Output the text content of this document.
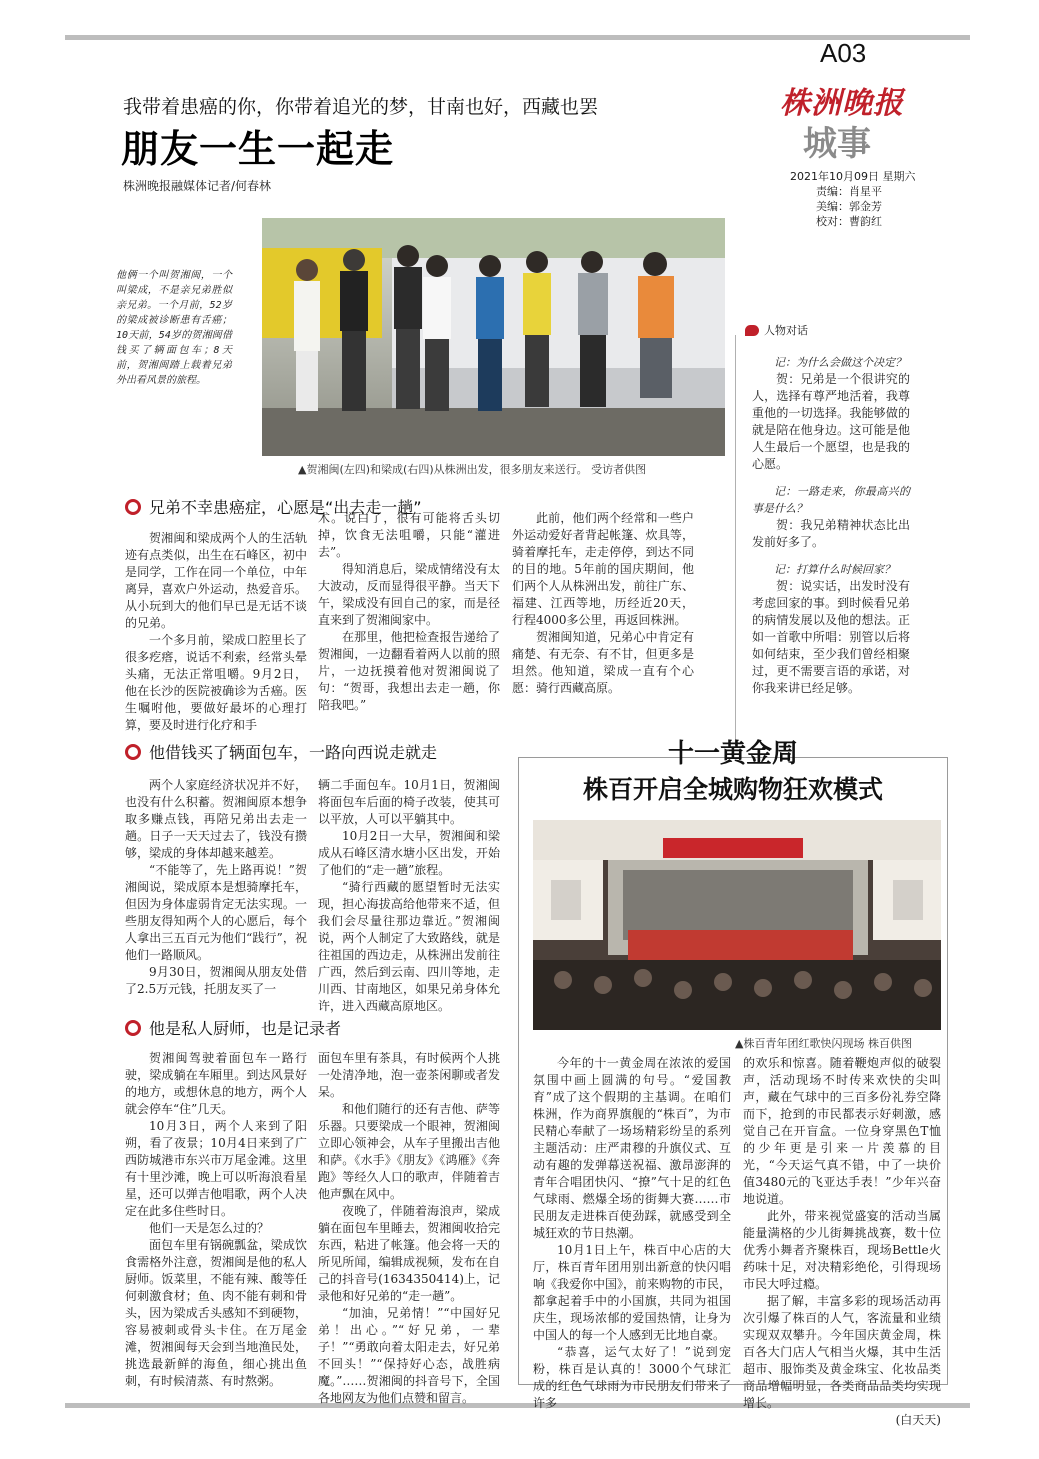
A03
株洲晚报
城事
2021年10月09日 星期六
责编：肖星平
美编：郭金芳
校对：曹韵红
我带着患癌的你，你带着追光的梦，甘南也好，西藏也罢
朋友一生一起走
株洲晚报融媒体记者/何春林
他俩一个叫贺湘闽，一个叫梁成，不是亲兄弟胜似亲兄弟。一个月前，52岁的梁成被诊断患有舌癌；10天前，54岁的贺湘闽借钱买了辆面包车；8天前，贺湘闽踏上载着兄弟外出看风景的旅程。
▲贺湘闽(左四)和梁成(右四)从株洲出发，很多朋友来送行。 受访者供图
人物对话

记：为什么会做这个决定？

贺：兄弟是一个很讲究的人，选择有尊严地活着，我尊重他的一切选择。我能够做的就是陪在他身边。这可能是他人生最后一个愿望，也是我的心愿。

记：一路走来，你最高兴的事是什么？

贺：我兄弟精神状态比出发前好多了。

记：打算什么时候回家？

贺：说实话，出发时没有考虑回家的事。到时候看兄弟的病情发展以及他的想法。正如一首歌中所唱：别管以后将如何结束，至少我们曾经相聚过，更不需要言语的承诺，对你我来讲已经足够。

兄弟不幸患癌症，心愿是“出去走一趟”

贺湘闽和梁成两个人的生活轨迹有点类似，出生在石峰区，初中是同学，工作在同一个单位，中年离异，喜欢户外运动，热爱音乐。从小玩到大的他们早已是无话不谈的兄弟。

一个多月前，梁成口腔里长了很多疙瘩，说话不利索，经常头晕头痛，无法正常咀嚼。9月2日，他在长沙的医院被确诊为舌癌。医生嘱咐他，要做好最坏的心理打算，要及时进行化疗和手

术。说白了，很有可能将舌头切掉，饮食无法咀嚼，只能“灌进去”。

得知消息后，梁成情绪没有太大波动，反而显得很平静。当天下午，梁成没有回自己的家，而是径直来到了贺湘闽家中。

在那里，他把检查报告递给了贺湘闽，一边翻看着两人以前的照片，一边抚摸着他对贺湘闽说了句：“贺哥，我想出去走一趟，你陪我吧。”

此前，他们两个经常和一些户外运动爱好者背起帐篷、炊具等，骑着摩托车，走走停停，到达不同的目的地。5年前的国庆期间，他们两个人从株洲出发，前往广东、福建、江西等地，历经近20天，行程4000多公里，再返回株洲。

贺湘闽知道，兄弟心中肯定有痛楚、有无奈、有不甘，但更多是坦然。他知道，梁成一直有个心愿：骑行西藏高原。

他借钱买了辆面包车，一路向西说走就走

两个人家庭经济状况并不好，也没有什么积蓄。贺湘闽原本想争取多赚点钱，再陪兄弟出去走一趟。日子一天天过去了，钱没有攒够，梁成的身体却越来越差。

“不能等了，先上路再说！”贺湘闽说，梁成原本是想骑摩托车，但因为身体虚弱肯定无法实现。一些朋友得知两个人的心愿后，每个人拿出三五百元为他们“践行”，祝他们一路顺风。

9月30日，贺湘闽从朋友处借了2.5万元钱，托朋友买了一

辆二手面包车。10月1日，贺湘闽将面包车后面的椅子改装，使其可以平放，人可以平躺其中。

10月2日一大早，贺湘闽和梁成从石峰区清水塘小区出发，开始了他们的“走一趟”旅程。

“骑行西藏的愿望暂时无法实现，担心海拔高给他带来不适，但我们会尽量往那边靠近。”贺湘闽说，两个人制定了大致路线，就是往祖国的西边走，从株洲出发前往广西，然后到云南、四川等地，走川西、甘南地区，如果兄弟身体允许，进入西藏高原地区。

他是私人厨师，也是记录者

贺湘闽驾驶着面包车一路行驶，梁成躺在车厢里。到达风景好的地方，或想休息的地方，两个人就会停车“住”几天。

10月3日，两个人来到了阳朔，看了夜景；10月4日来到了广西防城港市东兴市万尾金滩。这里有十里沙滩，晚上可以听海浪看星星，还可以弹吉他唱歌，两个人决定在此多住些时日。

他们一天是怎么过的？

面包车里有锅碗瓢盆，梁成饮食需格外注意，贺湘闽是他的私人厨师。饭菜里，不能有辣、酸等任何刺激食材；鱼、肉不能有刺和骨头，因为梁成舌头感知不到硬物，容易被刺或骨头卡住。在万尾金滩，贺湘闽每天会到当地渔民处，挑选最新鲜的海鱼，细心挑出鱼刺，有时候清蒸、有时熬粥。

面包车里有茶具，有时候两个人挑一处清净地，泡一壶茶闲聊或者发呆。

和他们随行的还有吉他、萨等乐器。只要梁成一个眼神，贺湘闽立即心领神会，从车子里搬出吉他和萨。《水手》《朋友》《鸿雁》《奔跑》等经久人口的歌声，伴随着吉他声飘在风中。

夜晚了，伴随着海浪声，梁成躺在面包车里睡去，贺湘闽收拾完东西，粘进了帐篷。他会将一天的所见所闻，编辑成视频，发布在自己的抖音号(1634350414)上，记录他和好兄弟的“走一趟”。

“加油，兄弟情！”“中国好兄弟！出心。”“好兄弟，一辈子！”“勇敢向着太阳走去，好兄弟不回头！”“保持好心态，战胜病魔。”……贺湘闽的抖音号下，全国各地网友为他们点赞和留言。

十一黄金周
株百开启全城购物狂欢模式
▲株百青年团红歌快闪现场 株百供图

今年的十一黄金周在浓浓的爱国氛围中画上圆满的句号。“爱国教育”成了这个假期的主基调。在咱们株洲，作为商界旗舰的“株百”，为市民精心奉献了一场场精彩纷呈的系列主题活动：庄严肃穆的升旗仪式、互动有趣的发弹幕送祝福、激昂澎湃的青年合唱团快闪、“撩”气十足的红色气球雨、燃爆全场的街舞大赛……市民朋友走进株百使劲踩，就感受到全城狂欢的节日热潮。

10月1日上午，株百中心店的大厅，株百青年团用别出新意的快闪唱响《我爱你中国》，前来购物的市民，都拿起着手中的小国旗，共同为祖国庆生，现场浓郁的爱国热情，让身为中国人的每一个人感到无比地自豪。

“恭喜，运气太好了！”说到宠粉，株百是认真的！3000个气球汇成的红色气球雨为市民朋友们带来了许多

的欢乐和惊喜。随着鞭炮声似的破裂声，活动现场不时传来欢快的尖叫声，藏在气球中的三百多份礼券空降而下，抢到的市民都表示好刺激，感觉自己在开盲盒。一位身穿黑色T恤的少年更是引来一片羡慕的目光，“今天运气真不错，中了一块价值3480元的飞亚达手表！”少年兴奋地说道。

此外，带来视觉盛宴的活动当属能量满格的少儿街舞挑战赛，数十位优秀小舞者齐聚株百，现场Bettle火药味十足，对决精彩绝伦，引得现场市民大呼过瘾。

据了解，丰富多彩的现场活动再次引爆了株百的人气，客流量和业绩实现双双攀升。今年国庆黄金周，株百各大门店人气相当火爆，其中生活超市、服饰类及黄金珠宝、化妆品类商品增幅明显，各类商品品类均实现增长。

(白天天)
